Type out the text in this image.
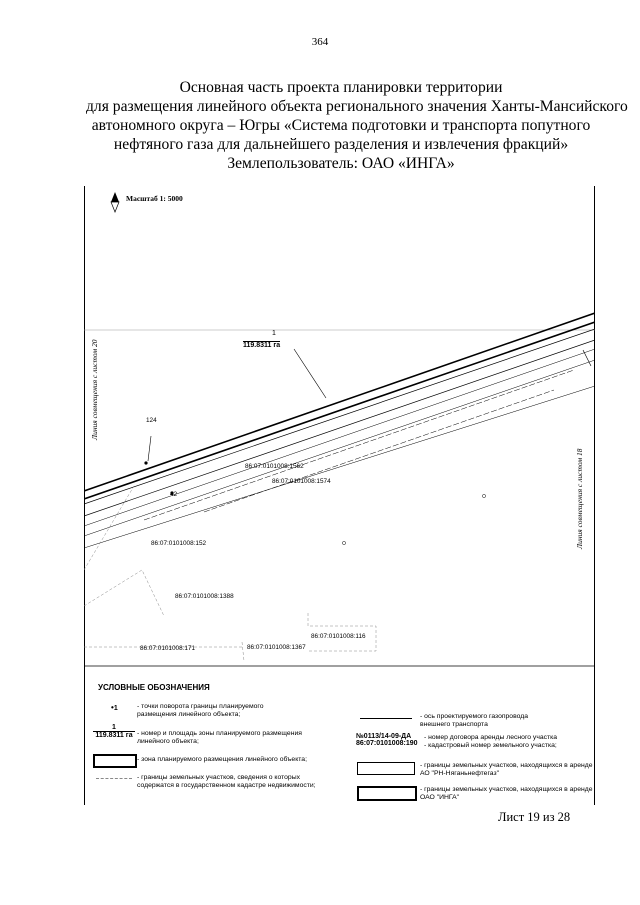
364
Основная часть проекта планировки территории
для размещения линейного объекта регионального значения Ханты-Мансийского
автономного округа – Югры «Система подготовки и транспорта попутного
нефтяного газа для дальнейшего разделения и извлечения фракций»
Землепользователь: ОАО «ИНГА»
Масштаб 1: 5000
Линия совмещения с листом 20
Линия совмещения с листом 18
1
119.8311 га
124
42
86:07:0101008:1562
86:07:0101008:1574
86:07:0101008:152
86:07:0101008:1388
86:07:0101008:116
86:07:0101008:171	86:07:0101008:1367
УСЛОВНЫЕ ОБОЗНАЧЕНИЯ
•1	- точки поворота границы планируемого
размещения линейного объекта;
1
119.8311 га - номер и площадь зоны планируемого размещения
линейного объекта;
- зона планируемого размещения линейного объекта;
- границы земельных участков, сведения о которых
содержатся в государственном кадастре недвижимости;
- ось проектируемого газопровода
внешнего транспорта
№0113/14-09-ДА
86:07:0101008:190
- номер договора аренды лесного участка
- кадастровый номер земельного участка;
- границы земельных участков, находящихся в аренде
АО "РН-Няганьнефтегаз"
- границы земельных участков, находящихся в аренде
ОАО "ИНГА"
Лист 19 из 28
